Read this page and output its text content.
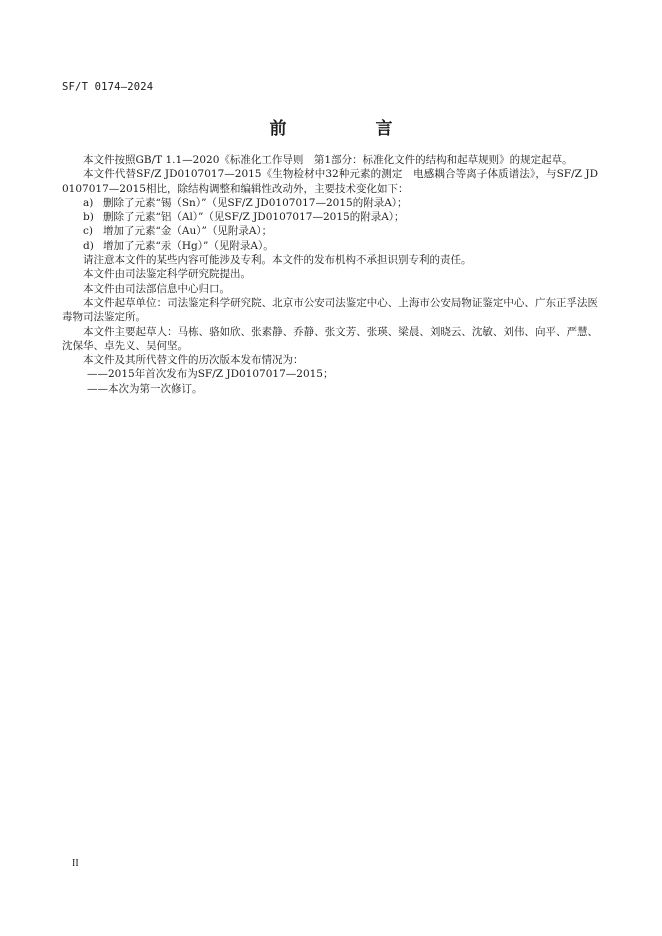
SF/T 0174—2024
前　言

本文件按照GB/T 1.1—2020《标准化工作导则　第1部分：标准化文件的结构和起草规则》的规定起草。

本文件代替SF/Z JD0107017—2015《生物检材中32种元素的测定　电感耦合等离子体质谱法》，与SF/Z JD0107017—2015相比，除结构调整和编辑性改动外，主要技术变化如下：

a) 删除了元素“锡（Sn）”（见SF/Z JD0107017—2015的附录A）；
b) 删除了元素“铝（Al）”（见SF/Z JD0107017—2015的附录A）；
c) 增加了元素“金（Au）”（见附录A）；
d) 增加了元素“汞（Hg）”（见附录A）。

请注意本文件的某些内容可能涉及专利。本文件的发布机构不承担识别专利的责任。

本文件由司法鉴定科学研究院提出。

本文件由司法部信息中心归口。

本文件起草单位：司法鉴定科学研究院、北京市公安司法鉴定中心、上海市公安局物证鉴定中心、广东正孚法医毒物司法鉴定所。

本文件主要起草人：马栋、骆如欣、张素静、乔静、张文芳、张瑛、梁晨、刘晓云、沈敏、刘伟、向平、严慧、沈保华、卓先义、吴何坚。

本文件及其所代替文件的历次版本发布情况为：

——2015年首次发布为SF/Z JD0107017—2015；

——本次为第一次修订。

II
